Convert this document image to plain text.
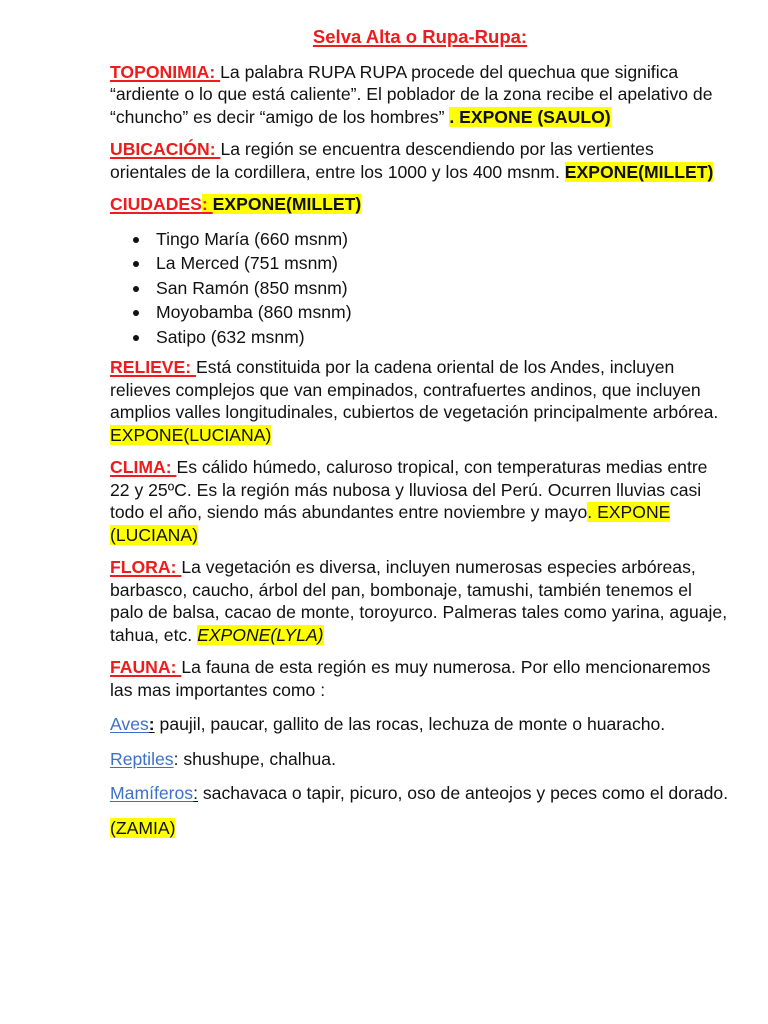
Selva Alta o Rupa-Rupa:

TOPONIMIA: La palabra RUPA RUPA procede del quechua que significa “ardiente o lo que está caliente”. El poblador de la zona recibe el apelativo de “chuncho” es decir “amigo de los hombres” . EXPONE (SAULO)

UBICACIÓN: La región se encuentra descendiendo por las vertientes orientales de la cordillera, entre los 1000 y los 400 msnm. EXPONE(MILLET)

CIUDADES: EXPONE(MILLET)

Tingo María (660 msnm)
La Merced (751 msnm)
San Ramón (850 msnm)
Moyobamba (860 msnm)
Satipo (632 msnm)

RELIEVE: Está constituida por la cadena oriental de los Andes, incluyen relieves complejos que van empinados, contrafuertes andinos, que incluyen amplios valles longitudinales, cubiertos de vegetación principalmente arbórea. EXPONE(LUCIANA)

CLIMA: Es cálido húmedo, caluroso tropical, con temperaturas medias entre 22 y 25ºC. Es la región más nubosa y lluviosa del Perú. Ocurren lluvias casi todo el año, siendo más abundantes entre noviembre y mayo. EXPONE (LUCIANA)

FLORA: La vegetación es diversa, incluyen numerosas especies arbóreas, barbasco, caucho, árbol del pan, bombonaje, tamushi, también tenemos el palo de balsa, cacao de monte, toroyurco. Palmeras tales como yarina, aguaje, tahua, etc. EXPONE(LYLA)

FAUNA: La fauna de esta región es muy numerosa. Por ello mencionaremos las mas importantes como :

Aves: paujil, paucar, gallito de las rocas, lechuza de monte o huaracho.

Reptiles: shushupe, chalhua.

Mamíferos: sachavaca o tapir, picuro, oso de anteojos y peces como el dorado.

(ZAMIA)
